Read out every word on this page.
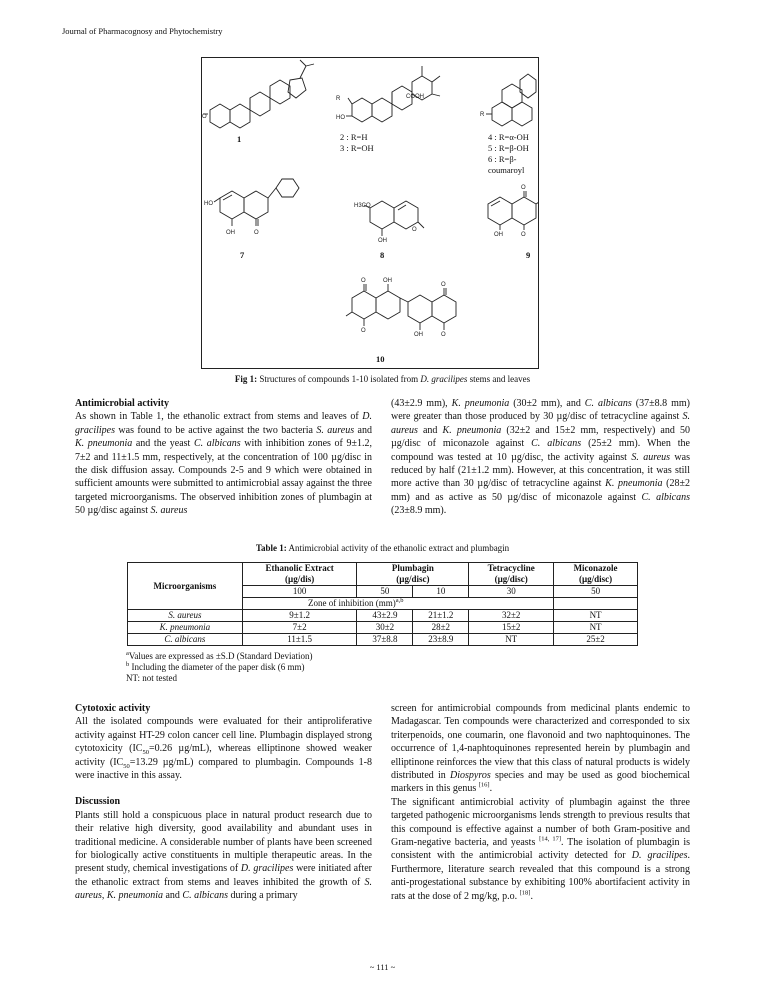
Journal of Pharmacognosy and Phytochemistry
O
COOH
R
HO	R
HO
OH	O
H3CO
OH
O
O
OH	O
O	OH
O
O
OH	O
1	2 : R=H
3 : R=OH
4 : R=α-OH
5 : R=β-OH
6 : R=β-coumaroyl
7	8	9
10
Fig 1: Structures of compounds 1-10 isolated from D. gracilipes stems and leaves
Antimicrobial activity

As shown in Table 1, the ethanolic extract from stems and leaves of D. gracilipes was found to be active against the two bacteria S. aureus and K. pneumonia and the yeast C. albicans with inhibition zones of 9±1.2, 7±2 and 11±1.5 mm, respectively, at the concentration of 100 µg/disc in the disk diffusion assay. Compounds 2-5 and 9 which were obtained in sufficient amounts were submitted to antimicrobial assay against the three targeted microorganisms. The observed inhibition zones of plumbagin at 50 µg/disc against S. aureus

(43±2.9 mm), K. pneumonia (30±2 mm), and C. albicans (37±8.8 mm) were greater than those produced by 30 µg/disc of tetracycline against S. aureus and K. pneumonia (32±2 and 15±2 mm, respectively) and 50 µg/disc of miconazole against C. albicans (25±2 mm). When the compound was tested at 10 µg/disc, the activity against S. aureus was reduced by half (21±1.2 mm). However, at this concentration, it was still more active than 30 µg/disc of tetracycline against K. pneumonia (28±2 mm) and as active as 50 µg/disc of miconazole against C. albicans (23±8.9 mm).

Table 1: Antimicrobial activity of the ethanolic extract and plumbagin
Microorganisms	Ethanolic Extract
(µg/dis)	Plumbagin
(µg/disc)		Tetracycline
(µg/disc)	Miconazole
(µg/disc)
	100	50	10	30	50
	Zone of inhibition (mm)$^{a,b}$		
S. aureus	9±1.2	43±2.9	21±1.2	32±2	NT
K. pneumonia	7±2	30±2	28±2	15±2	NT
C. albicans	11±1.5	37±8.8	23±8.9	NT	25±2
$^a$Values are expressed as ±S.D (Standard Deviation)
$^b$ Including the diameter of the paper disk (6 mm)
NT: not tested
Cytotoxic activity

All the isolated compounds were evaluated for their antiproliferative activity against HT-29 colon cancer cell line. Plumbagin displayed strong cytotoxicity ($IC_{50}=0.26$ µg/mL), whereas elliptinone showed weaker activity ($IC_{50}=13.29$ µg/mL) compared to plumbagin. Compounds 1-8 were inactive in this assay.

Discussion

Plants still hold a conspicuous place in natural product research due to their relative high diversity, good availability and abundant uses in traditional medicine. A considerable number of plants have been screened for biologically active constituents in multiple therapeutic areas. In the present study, chemical investigations of D. gracilipes were initiated after the ethanolic extract from stems and leaves inhibited the growth of S. aureus, K. pneumonia and C. albicans during a primary

screen for antimicrobial compounds from medicinal plants endemic to Madagascar. Ten compounds were characterized and corresponded to six triterpenoids, one coumarin, one flavonoid and two naphtoquinones. The occurrence of 1,4-naphtoquinones represented herein by plumbagin and elliptinone reinforces the view that this class of natural products is widely distributed in Diospyros species and may be used as good biochemical markers in this genus [16].

The significant antimicrobial activity of plumbagin against the three targeted pathogenic microorganisms lends strength to previous results that this compound is effective against a number of both Gram-positive and Gram-negative bacteria, and yeasts [14, 17]. The isolation of plumbagin is consistent with the antimicrobial activity detected for D. gracilipes. Furthermore, literature search revealed that this compound is a strong anti-progestational substance by exhibiting 100% abortifacient activity in rats at the dose of 2 mg/kg, p.o. [18].

~ 111 ~
